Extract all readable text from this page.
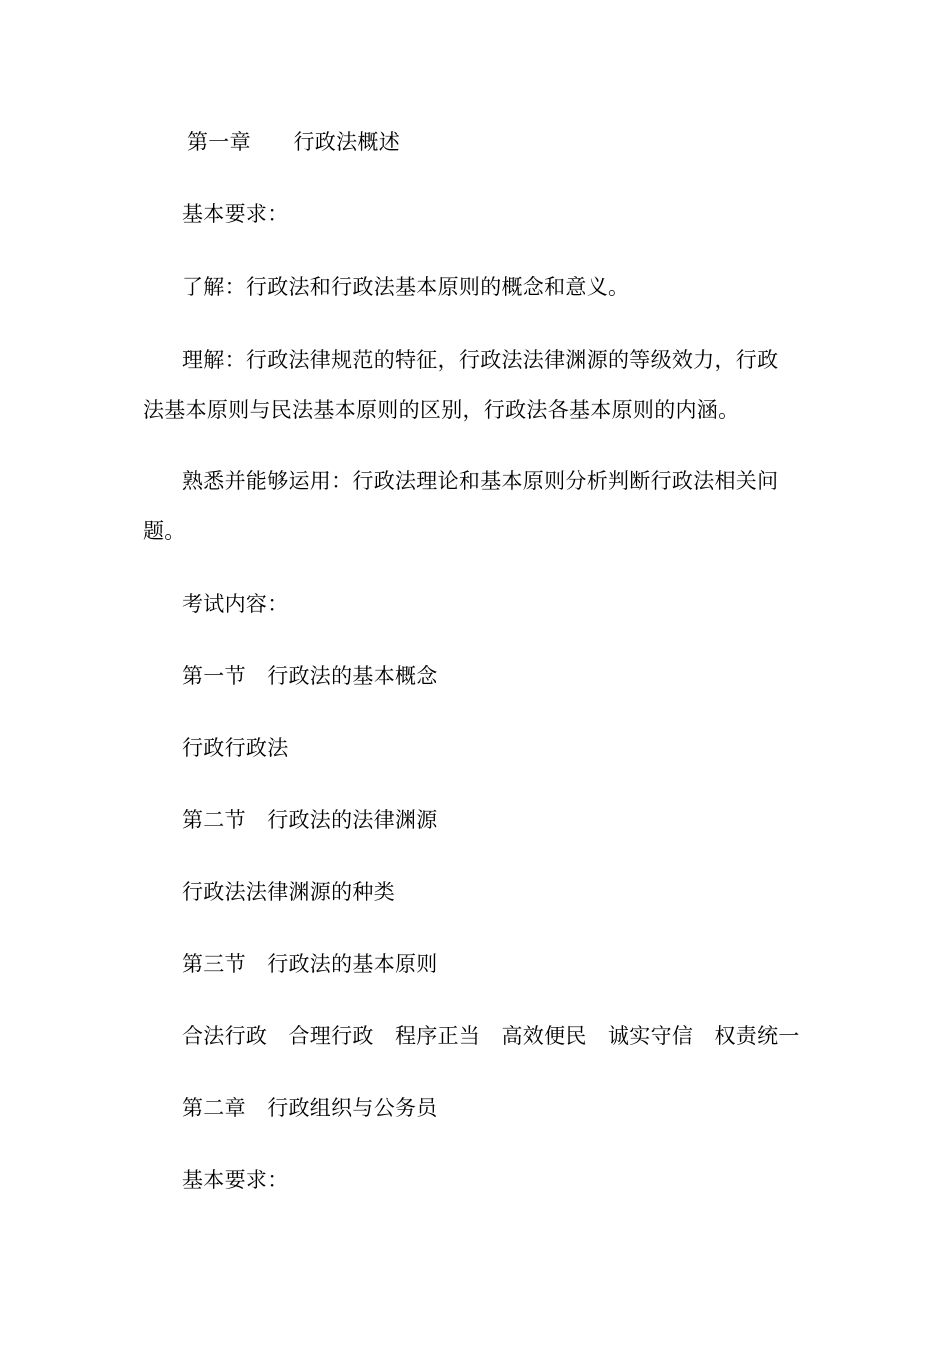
第一章　　行政法概述
基本要求：
了解：行政法和行政法基本原则的概念和意义。
理解：行政法律规范的特征，行政法法律渊源的等级效力，行政
法基本原则与民法基本原则的区别，行政法各基本原则的内涵。
熟悉并能够运用：行政法理论和基本原则分析判断行政法相关问
题。
考试内容：
第一节　行政法的基本概念
行政行政法
第二节　行政法的法律渊源
行政法法律渊源的种类
第三节　行政法的基本原则
合法行政　合理行政　程序正当　高效便民　诚实守信　权责统一
第二章　行政组织与公务员
基本要求：
